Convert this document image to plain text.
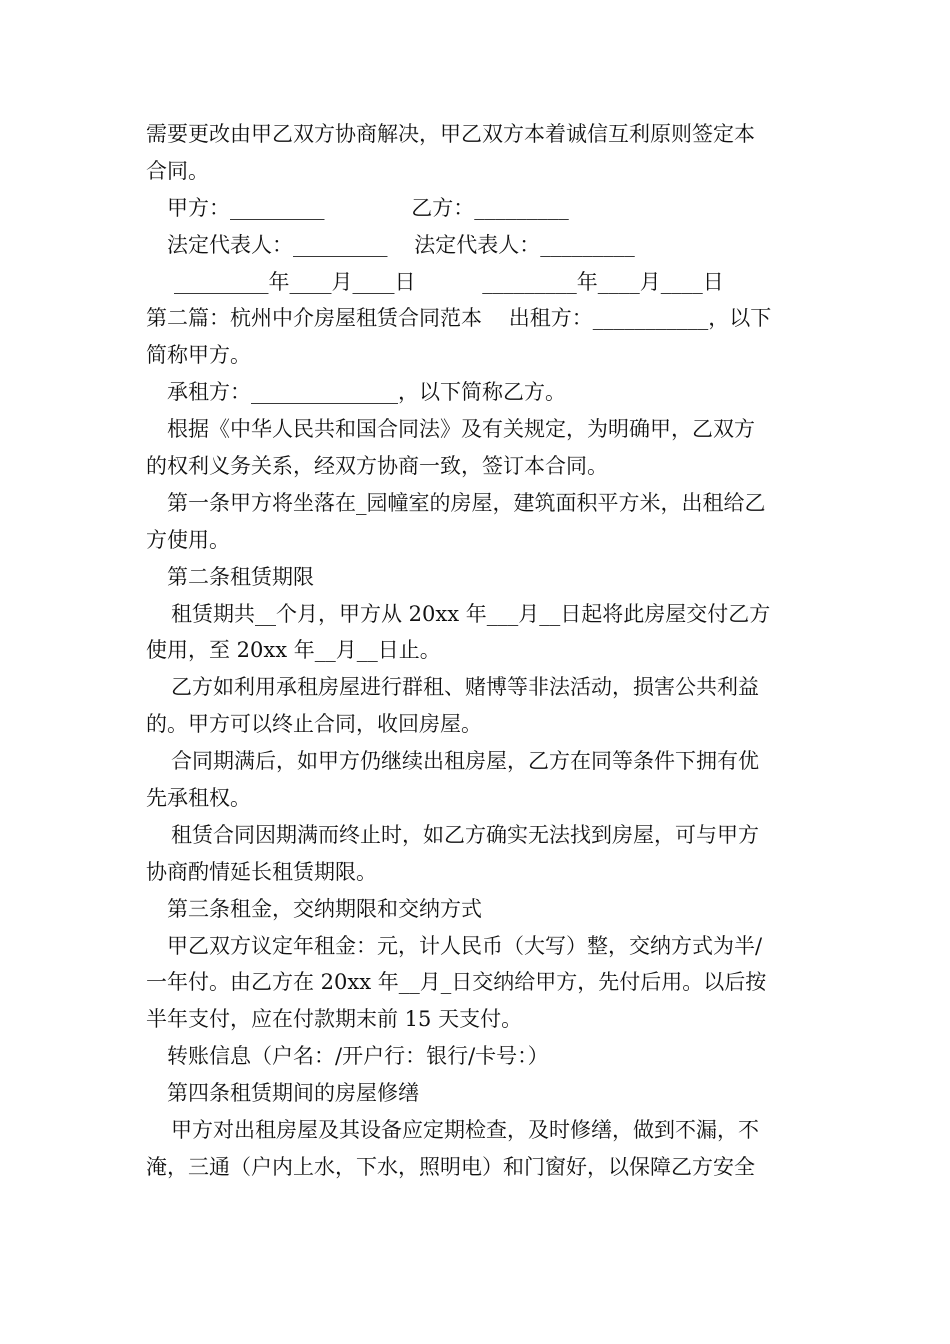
需要更改由甲乙双方协商解决，甲乙双方本着诚信互利原则签定本
合同。
甲方：_________             乙方：_________
法定代表人：_________    法定代表人：_________
_________年____月____日          _________年____月____日
第二篇：杭州中介房屋租赁合同范本    出租方：___________，以下
简称甲方。
承租方：______________，以下简称乙方。
根据《中华人民共和国合同法》及有关规定，为明确甲，乙双方
的权利义务关系，经双方协商一致，签订本合同。
第一条甲方将坐落在_园幢室的房屋，建筑面积平方米，出租给乙
方使用。
第二条租赁期限
租赁期共__个月，甲方从 20xx 年___月__日起将此房屋交付乙方
使用，至 20xx 年__月__日止。
乙方如利用承租房屋进行群租、赌博等非法活动，损害公共利益
的。甲方可以终止合同，收回房屋。
合同期满后，如甲方仍继续出租房屋，乙方在同等条件下拥有优
先承租权。
租赁合同因期满而终止时，如乙方确实无法找到房屋，可与甲方
协商酌情延长租赁期限。
第三条租金，交纳期限和交纳方式
甲乙双方议定年租金：元，计人民币（大写）整，交纳方式为半/
一年付。由乙方在 20xx 年__月_日交纳给甲方，先付后用。以后按
半年支付，应在付款期末前 15 天支付。
转账信息（户名：/开户行：银行/卡号：）
第四条租赁期间的房屋修缮
甲方对出租房屋及其设备应定期检查，及时修缮，做到不漏，不
淹，三通（户内上水，下水，照明电）和门窗好，以保障乙方安全
